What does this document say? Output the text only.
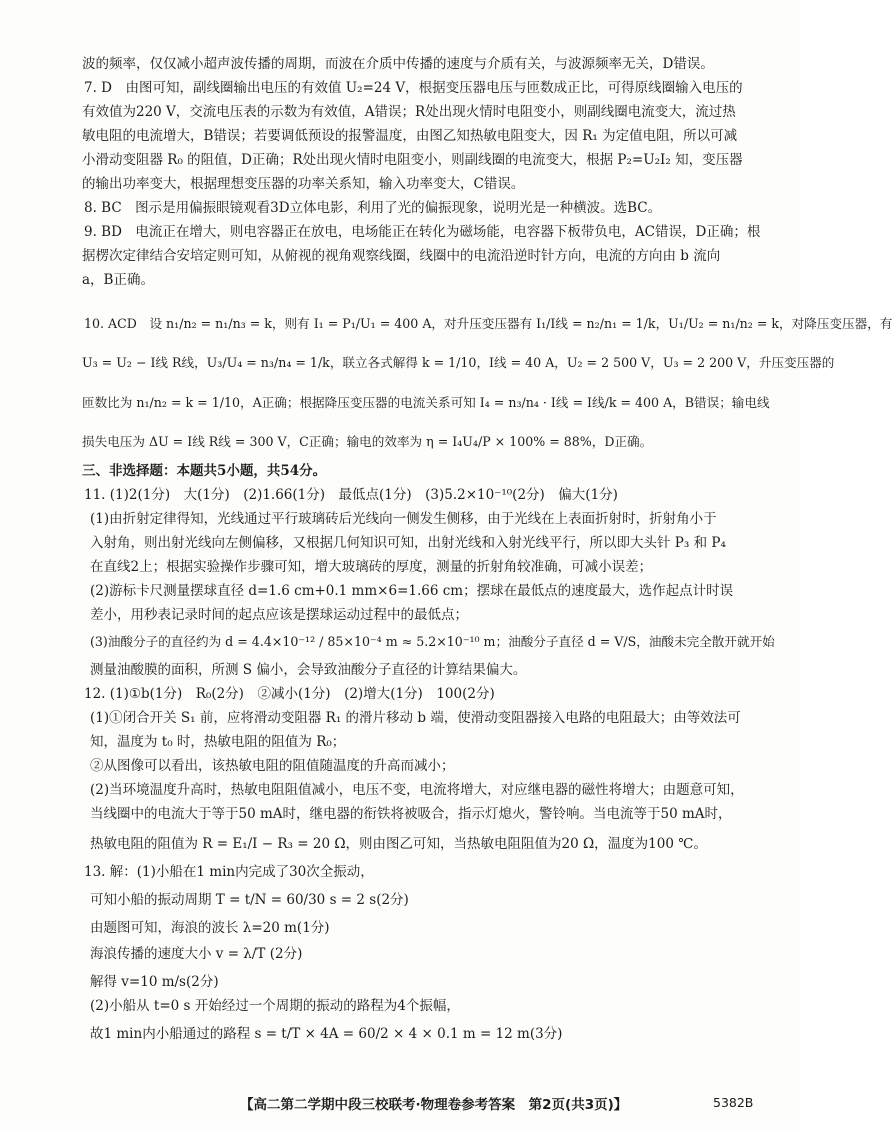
波的频率，仅仅减小超声波传播的周期，而波在介质中传播的速度与介质有关，与波源频率无关，D错误。
7. D　由图可知，副线圈输出电压的有效值 U₂=24 V，根据变压器电压与匝数成正比，可得原线圈输入电压的
有效值为220 V，交流电压表的示数为有效值，A错误；R处出现火情时电阻变小，则副线圈电流变大，流过热
敏电阻的电流增大，B错误；若要调低预设的报警温度，由图乙知热敏电阻变大，因 R₁ 为定值电阻，所以可减
小滑动变阻器 R₀ 的阻值，D正确；R处出现火情时电阻变小，则副线圈的电流变大，根据 P₂=U₂I₂ 知，变压器
的输出功率变大，根据理想变压器的功率关系知，输入功率变大，C错误。
8. BC　图示是用偏振眼镜观看3D立体电影，利用了光的偏振现象，说明光是一种横波。选BC。
9. BD　电流正在增大，则电容器正在放电，电场能正在转化为磁场能，电容器下板带负电，AC错误，D正确；根
据楞次定律结合安培定则可知，从俯视的视角观察线圈，线圈中的电流沿逆时针方向，电流的方向由 b 流向
a，B正确。
10. ACD　设 n₁/n₂ = n₁/n₃ = k，则有 I₁ = P₁/U₁ = 400 A，对升压变压器有 I₁/I线 = n₂/n₁ = 1/k，U₁/U₂ = n₁/n₂ = k，对降压变压器，有
U₃ = U₂ − I线 R线，U₃/U₄ = n₃/n₄ = 1/k，联立各式解得 k = 1/10，I线 = 40 A，U₂ = 2 500 V，U₃ = 2 200 V，升压变压器的
匝数比为 n₁/n₂ = k = 1/10，A正确；根据降压变压器的电流关系可知 I₄ = n₃/n₄ · I线 = I线/k = 400 A，B错误；输电线
损失电压为 ΔU = I线 R线 = 300 V，C正确；输电的效率为 η = I₄U₄/P × 100% = 88%，D正确。
三、非选择题：本题共5小题，共54分。
11. (1)2(1分)　大(1分)　(2)1.66(1分)　最低点(1分)　(3)5.2×10⁻¹⁰(2分)　偏大(1分)
(1)由折射定律得知，光线通过平行玻璃砖后光线向一侧发生侧移，由于光线在上表面折射时，折射角小于
入射角，则出射光线向左侧偏移，又根据几何知识可知，出射光线和入射光线平行，所以即大头针 P₃ 和 P₄
在直线2上；根据实验操作步骤可知，增大玻璃砖的厚度，测量的折射角较准确，可减小误差；
(2)游标卡尺测量摆球直径 d=1.6 cm+0.1 mm×6=1.66 cm；摆球在最低点的速度最大，选作起点计时误
差小，用秒表记录时间的起点应该是摆球运动过程中的最低点；
(3)油酸分子的直径约为 d = 4.4×10⁻¹² / 85×10⁻⁴ m ≈ 5.2×10⁻¹⁰ m；油酸分子直径 d = V/S，油酸未完全散开就开始
测量油酸膜的面积，所测 S 偏小，会导致油酸分子直径的计算结果偏大。
12. (1)①b(1分)　R₀(2分)　②减小(1分)　(2)增大(1分)　100(2分)
(1)①闭合开关 S₁ 前，应将滑动变阻器 R₁ 的滑片移动 b 端，使滑动变阻器接入电路的电阻最大；由等效法可
知，温度为 t₀ 时，热敏电阻的阻值为 R₀；
②从图像可以看出，该热敏电阻的阻值随温度的升高而减小；
(2)当环境温度升高时，热敏电阻阻值减小，电压不变，电流将增大，对应继电器的磁性将增大；由题意可知，
当线圈中的电流大于等于50 mA时，继电器的衔铁将被吸合，指示灯熄火，警铃响。当电流等于50 mA时，
热敏电阻的阻值为 R = E₁/I − R₃ = 20 Ω，则由图乙可知，当热敏电阻阻值为20 Ω，温度为100 ℃。
13. 解：(1)小船在1 min内完成了30次全振动，
可知小船的振动周期 T = t/N = 60/30 s = 2 s(2分)
由题图可知，海浪的波长 λ=20 m(1分)
海浪传播的速度大小 v = λ/T (2分)
解得 v=10 m/s(2分)
(2)小船从 t=0 s 开始经过一个周期的振动的路程为4个振幅，
故1 min内小船通过的路程 s = t/T × 4A = 60/2 × 4 × 0.1 m = 12 m(3分)
【高二第二学期中段三校联考·物理卷参考答案　第2页(共3页)】	5382B
